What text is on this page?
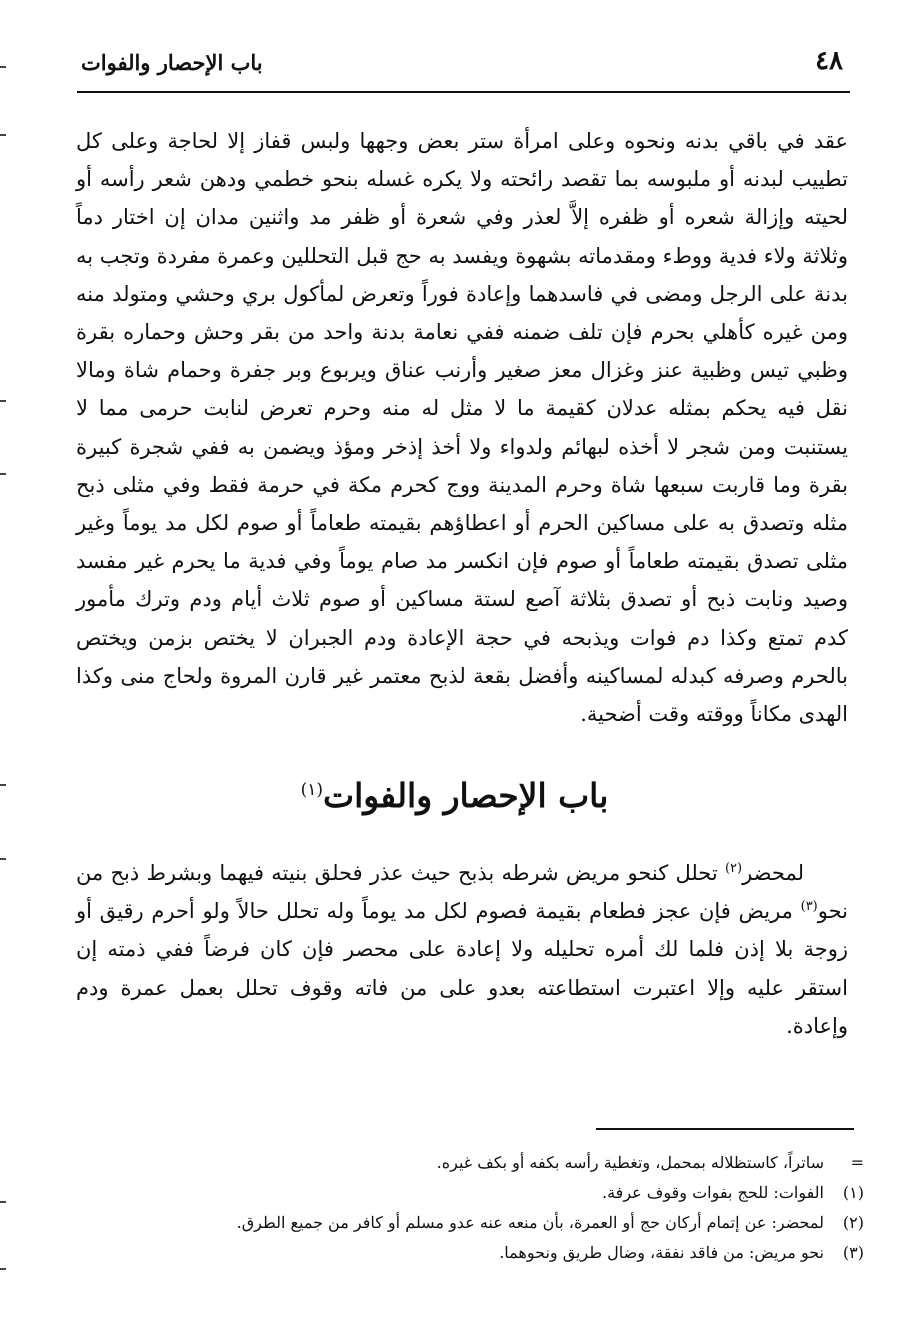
٤٨
باب الإحصار والفوات
عقد في باقي بدنه ونحوه وعلى امرأة ستر بعض وجهها ولبس قفاز إلا لحاجة وعلى كل تطييب لبدنه أو ملبوسه بما تقصد رائحته ولا يكره غسله بنحو خطمي ودهن شعر رأسه أو لحيته وإزالة شعره أو ظفره إلاَّ لعذر وفي شعرة أو ظفر مد واثنين مدان إن اختار دماً وثلاثة ولاء فدية ووطء ومقدماته بشهوة ويفسد به حج قبل التحللين وعمرة مفردة وتجب به بدنة على الرجل ومضى في فاسدهما وإعادة فوراً وتعرض لمأكول بري وحشي ومتولد منه ومن غيره كأهلي بحرم فإن تلف ضمنه ففي نعامة بدنة واحد من بقر وحش وحماره بقرة وظبي تيس وظبية عنز وغزال معز صغير وأرنب عناق ويربوع وبر جفرة وحمام شاة ومالا نقل فيه يحكم بمثله عدلان كقيمة ما لا مثل له منه وحرم تعرض لنابت حرمى مما لا يستنبت ومن شجر لا أخذه لبهائم ولدواء ولا أخذ إذخر ومؤذ ويضمن به ففي شجرة كبيرة بقرة وما قاربت سبعها شاة وحرم المدينة ووج كحرم مكة في حرمة فقط وفي مثلى ذبح مثله وتصدق به على مساكين الحرم أو اعطاؤهم بقيمته طعاماً أو صوم لكل مد يوماً وغير مثلى تصدق بقيمته طعاماً أو صوم فإن انكسر مد صام يوماً وفي فدية ما يحرم غير مفسد وصيد ونابت ذبح أو تصدق بثلاثة آصع لستة مساكين أو صوم ثلاث أيام ودم وترك مأمور كدم تمتع وكذا دم فوات ويذبحه في حجة الإعادة ودم الجبران لا يختص بزمن ويختص بالحرم وصرفه كبدله لمساكينه وأفضل بقعة لذبح معتمر غير قارن المروة ولحاج منى وكذا الهدى مكاناً ووقته وقت أضحية.
باب الإحصار والفوات$^{(١)}$

لمحضر$^{(٢)}$ تحلل كنحو مريض شرطه بذبح حيث عذر فحلق بنيته فيهما وبشرط ذبح من نحو$^{(٣)}$ مريض فإن عجز فطعام بقيمة فصوم لكل مد يوماً وله تحلل حالاً ولو أحرم رقيق أو زوجة بلا إذن فلما لك أمره تحليله ولا إعادة على محصر فإن كان فرضاً ففي ذمته إن استقر عليه وإلا اعتبرت استطاعته بعدو على من فاته وقوف تحلل بعمل عمرة ودم وإعادة.

=
ساتراً، كاستظلاله بمحمل، وتغطية رأسه بكفه أو بكف غيره.
(١)
الفوات: للحج بفوات وقوف عرفة.
(٢)
لمحضر: عن إتمام أركان حج أو العمرة، بأن منعه عنه عدو مسلم أو كافر من جميع الطرق.
(٣)
نحو مريض: من فاقد نفقة، وضال طريق ونحوهما.
